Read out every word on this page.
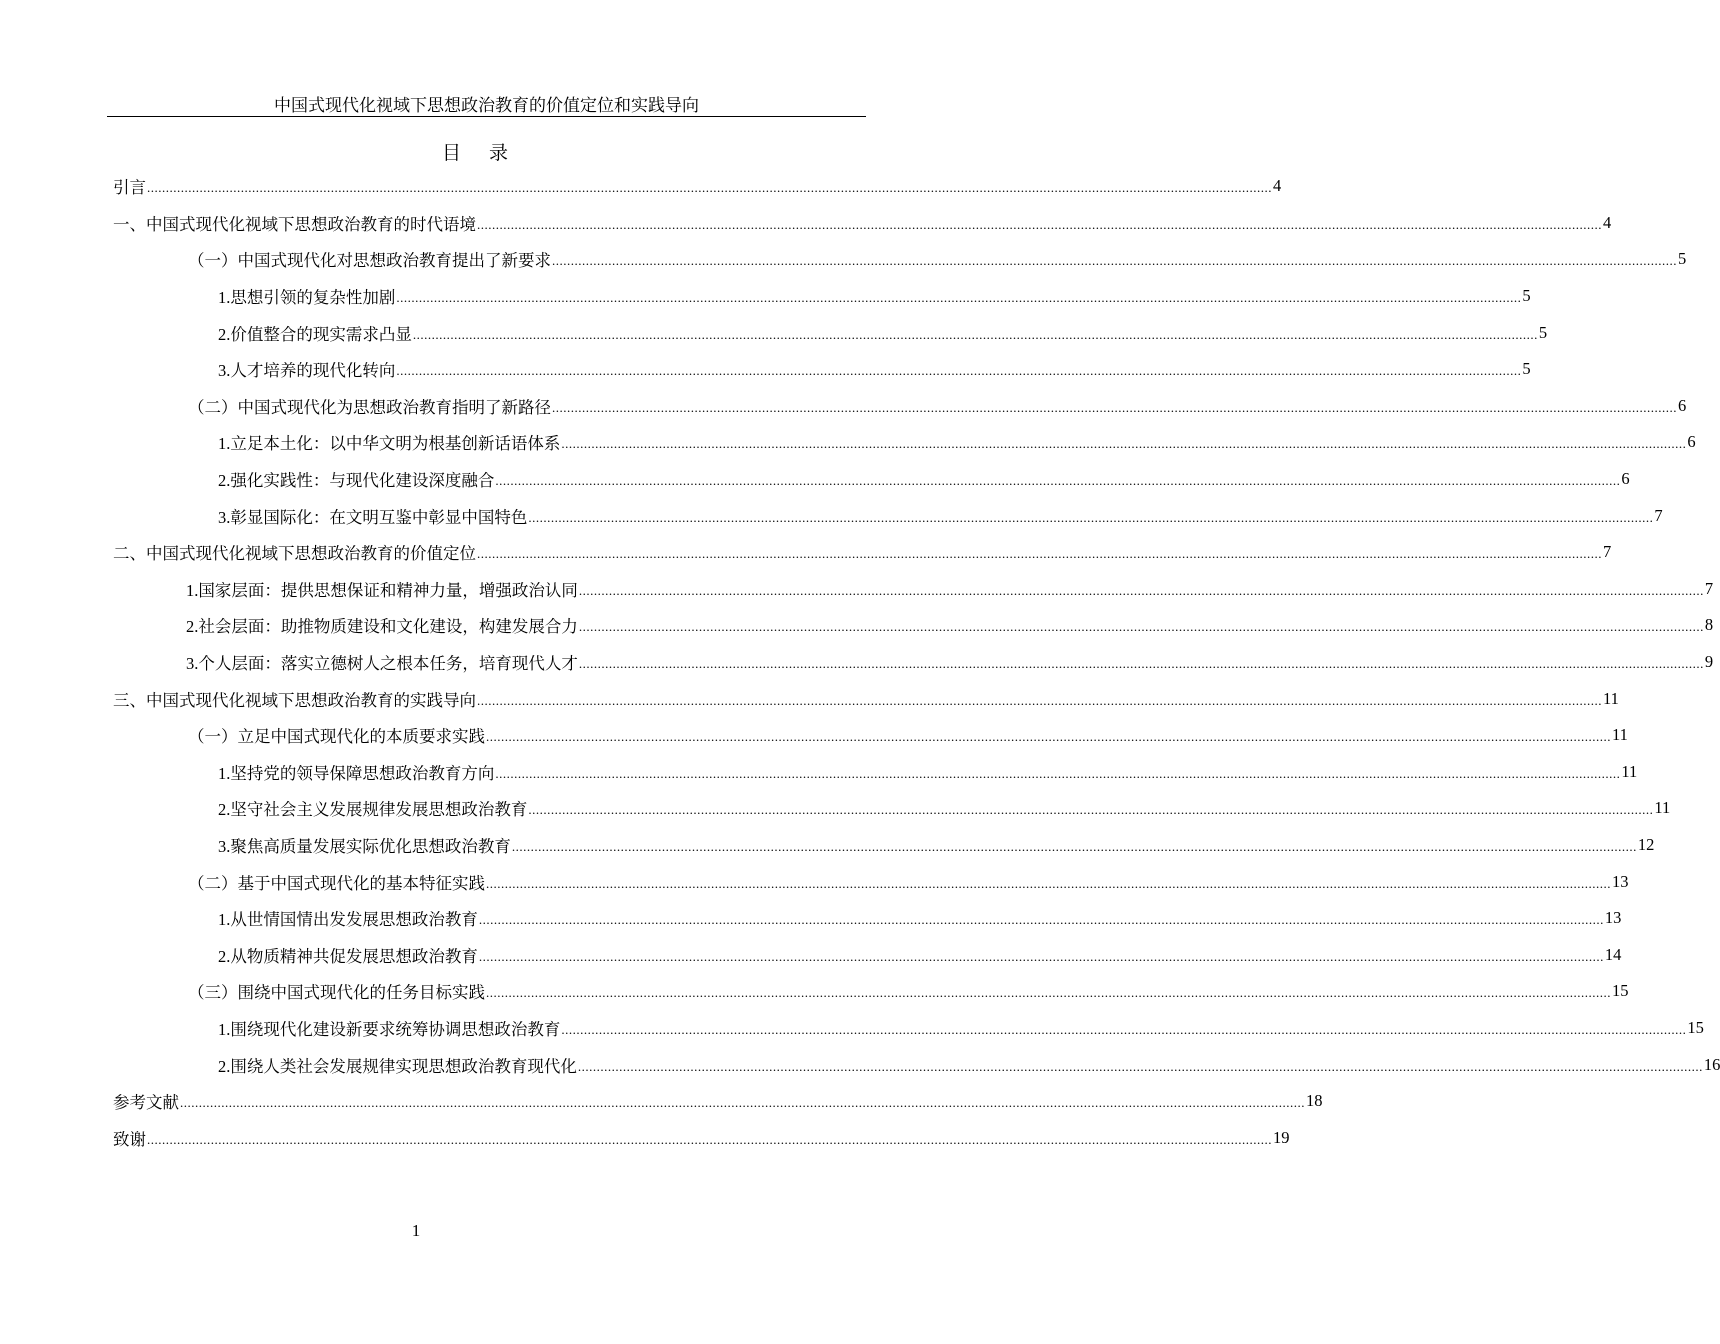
中国式现代化视域下思想政治教育的价值定位和实践导向
目 录
引言 ............................................................................................................................................................................................................................................................................................................ 4
一、中国式现代化视域下思想政治教育的时代语境 ............................................................................................................................................................................................................................................................................................................ 4
（一）中国式现代化对思想政治教育提出了新要求 ............................................................................................................................................................................................................................................................................................................ 5
1.思想引领的复杂性加剧 ............................................................................................................................................................................................................................................................................................................ 5
2.价值整合的现实需求凸显 ............................................................................................................................................................................................................................................................................................................ 5
3.人才培养的现代化转向 ............................................................................................................................................................................................................................................................................................................ 5
（二）中国式现代化为思想政治教育指明了新路径 ............................................................................................................................................................................................................................................................................................................ 6
1.立足本土化：以中华文明为根基创新话语体系 ............................................................................................................................................................................................................................................................................................................ 6
2.强化实践性：与现代化建设深度融合 ............................................................................................................................................................................................................................................................................................................ 6
3.彰显国际化：在文明互鉴中彰显中国特色 ............................................................................................................................................................................................................................................................................................................ 7
二、中国式现代化视域下思想政治教育的价值定位 ............................................................................................................................................................................................................................................................................................................ 7
1.国家层面：提供思想保证和精神力量，增强政治认同 ............................................................................................................................................................................................................................................................................................................ 7
2.社会层面：助推物质建设和文化建设，构建发展合力 ............................................................................................................................................................................................................................................................................................................ 8
3.个人层面：落实立德树人之根本任务，培育现代人才 ............................................................................................................................................................................................................................................................................................................ 9
三、中国式现代化视域下思想政治教育的实践导向 ............................................................................................................................................................................................................................................................................................................ 11
（一）立足中国式现代化的本质要求实践 ............................................................................................................................................................................................................................................................................................................ 11
1.坚持党的领导保障思想政治教育方向 ............................................................................................................................................................................................................................................................................................................ 11
2.坚守社会主义发展规律发展思想政治教育 ............................................................................................................................................................................................................................................................................................................ 11
3.聚焦高质量发展实际优化思想政治教育 ............................................................................................................................................................................................................................................................................................................ 12
（二）基于中国式现代化的基本特征实践 ............................................................................................................................................................................................................................................................................................................ 13
1.从世情国情出发发展思想政治教育 ............................................................................................................................................................................................................................................................................................................ 13
2.从物质精神共促发展思想政治教育 ............................................................................................................................................................................................................................................................................................................ 14
（三）围绕中国式现代化的任务目标实践 ............................................................................................................................................................................................................................................................................................................ 15
1.围绕现代化建设新要求统筹协调思想政治教育 ............................................................................................................................................................................................................................................................................................................ 15
2.围绕人类社会发展规律实现思想政治教育现代化 ............................................................................................................................................................................................................................................................................................................ 16
参考文献 ............................................................................................................................................................................................................................................................................................................ 18
致谢 ............................................................................................................................................................................................................................................................................................................ 19
1
